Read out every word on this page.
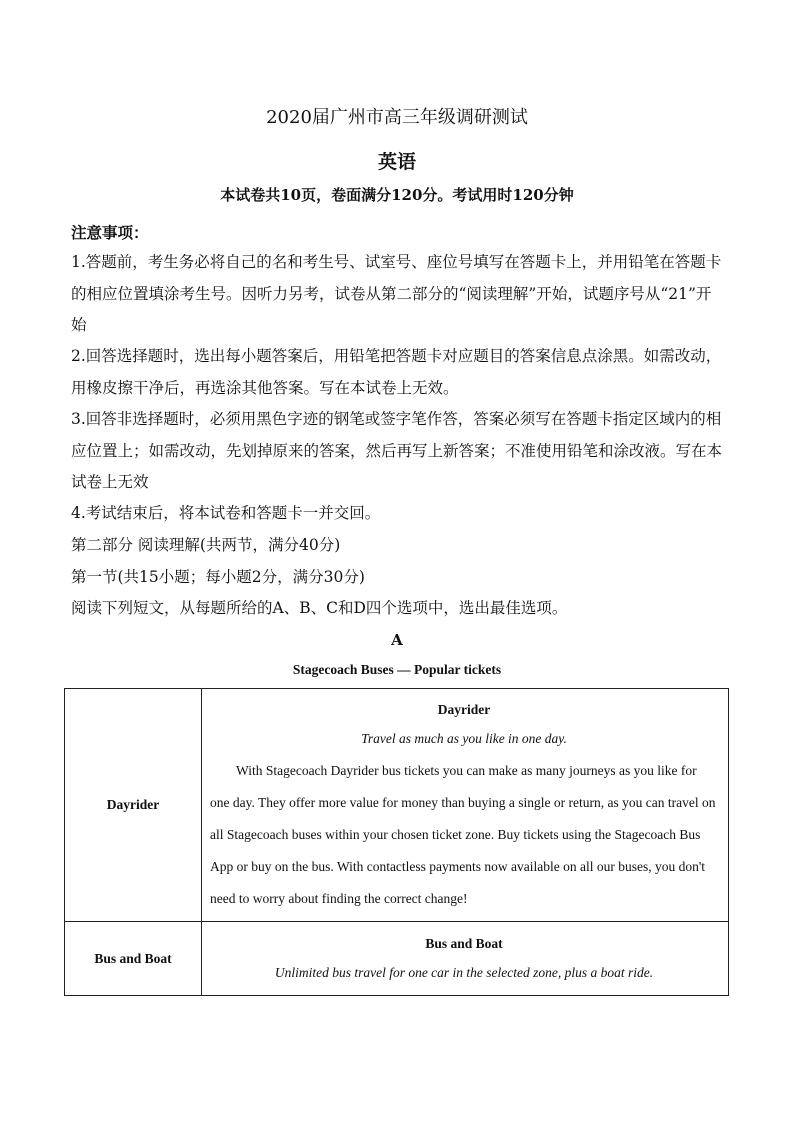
2020届广州市高三年级调研测试
英语
本试卷共10页，卷面满分120分。考试用时120分钟
注意事项：
1.答题前，考生务必将自己的名和考生号、试室号、座位号填写在答题卡上，并用铅笔在答题卡的相应位置填涂考生号。因听力另考，试卷从第二部分的“阅读理解”开始，试题序号从“21”开始
2.回答选择题时，选出每小题答案后，用铅笔把答题卡对应题目的答案信息点涂黑。如需改动，用橡皮擦干净后，再选涂其他答案。写在本试卷上无效。
3.回答非选择题时，必须用黑色字迹的钢笔或签字笔作答，答案必须写在答题卡指定区域内的相应位置上；如需改动，先划掉原来的答案，然后再写上新答案；不准使用铅笔和涂改液。写在本试卷上无效
4.考试结束后，将本试卷和答题卡一并交回。
第二部分 阅读理解(共两节，满分40分)
第一节(共15小题；每小题2分，满分30分)
阅读下列短文，从每题所给的A、B、C和D四个选项中，选出最佳选项。
A
Stagecoach Buses — Popular tickets
Dayrider	Dayrider
Travel as much as you like in one day.
With Stagecoach Dayrider bus tickets you can make as many journeys as you like for one day. They offer more value for money than buying a single or return, as you can travel on all Stagecoach buses within your chosen ticket zone. Buy tickets using the Stagecoach Bus App or buy on the bus. With contactless payments now available on all our buses, you don't need to worry about finding the correct change!

Bus and Boat	Bus and Boat
Unlimited bus travel for one car in the selected zone, plus a boat ride.
